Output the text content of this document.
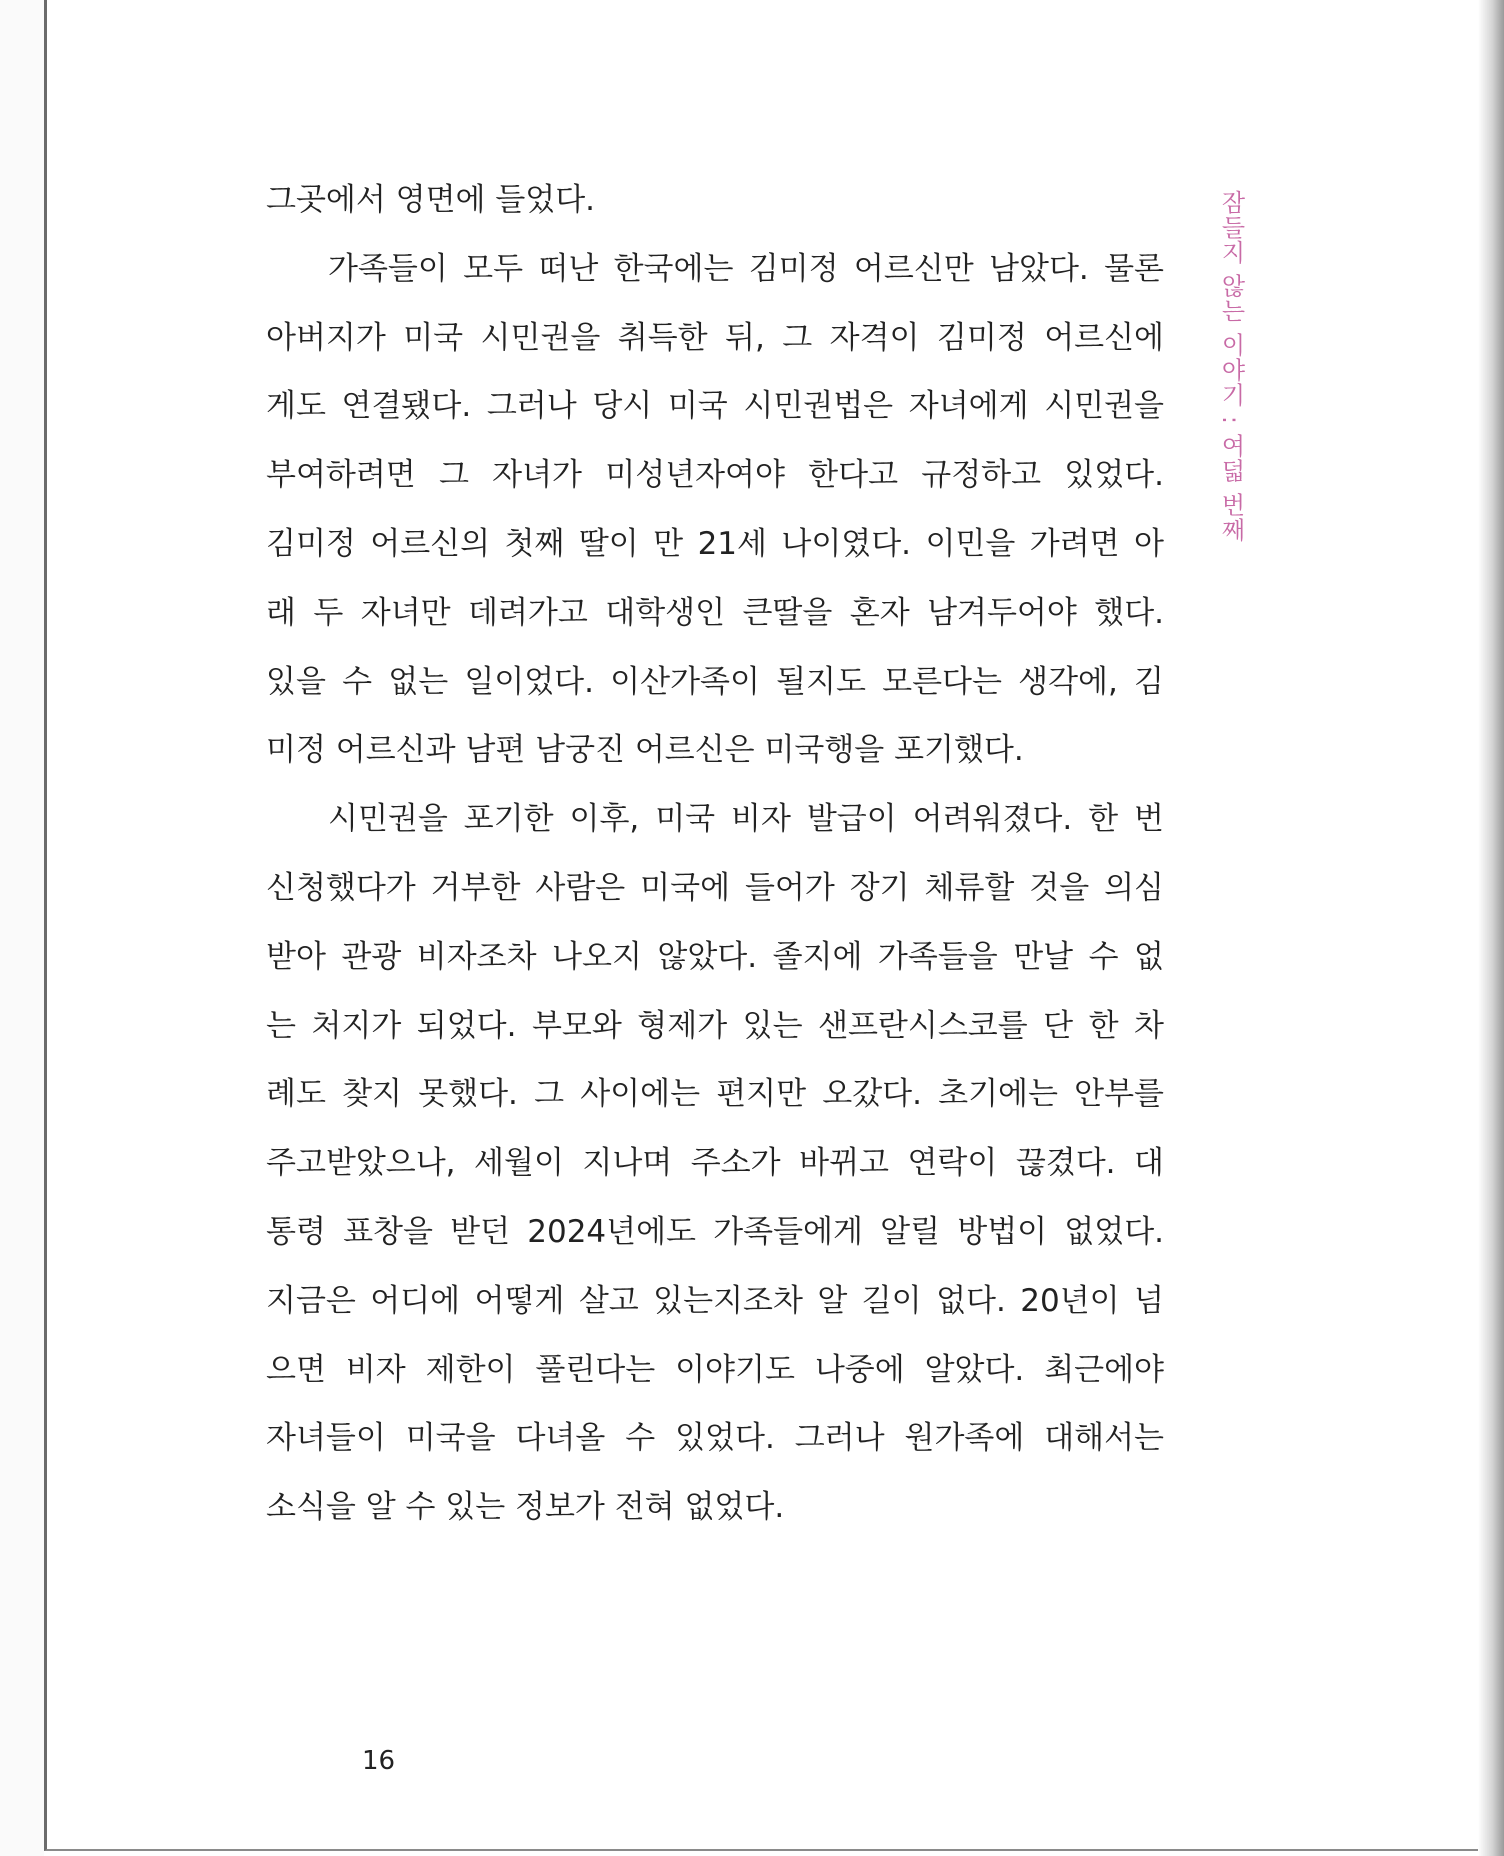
그곳에서 영면에 들었다.
가족들이 모두 떠난 한국에는 김미정 어르신만 남았다. 물론
아버지가 미국 시민권을 취득한 뒤, 그 자격이 김미정 어르신에
게도 연결됐다. 그러나 당시 미국 시민권법은 자녀에게 시민권을
부여하려면 그 자녀가 미성년자여야 한다고 규정하고 있었다.
김미정 어르신의 첫째 딸이 만 21세 나이였다. 이민을 가려면 아
래 두 자녀만 데려가고 대학생인 큰딸을 혼자 남겨두어야 했다.
있을 수 없는 일이었다. 이산가족이 될지도 모른다는 생각에, 김
미정 어르신과 남편 남궁진 어르신은 미국행을 포기했다.
시민권을 포기한 이후, 미국 비자 발급이 어려워졌다. 한 번
신청했다가 거부한 사람은 미국에 들어가 장기 체류할 것을 의심
받아 관광 비자조차 나오지 않았다. 졸지에 가족들을 만날 수 없
는 처지가 되었다. 부모와 형제가 있는 샌프란시스코를 단 한 차
례도 찾지 못했다. 그 사이에는 편지만 오갔다. 초기에는 안부를
주고받았으나, 세월이 지나며 주소가 바뀌고 연락이 끊겼다. 대
통령 표창을 받던 2024년에도 가족들에게 알릴 방법이 없었다.
지금은 어디에 어떻게 살고 있는지조차 알 길이 없다. 20년이 넘
으면 비자 제한이 풀린다는 이야기도 나중에 알았다. 최근에야
자녀들이 미국을 다녀올 수 있었다. 그러나 원가족에 대해서는
소식을 알 수 있는 정보가 전혀 없었다.
잠들지 않는 이야기 : 여덟 번째
16
